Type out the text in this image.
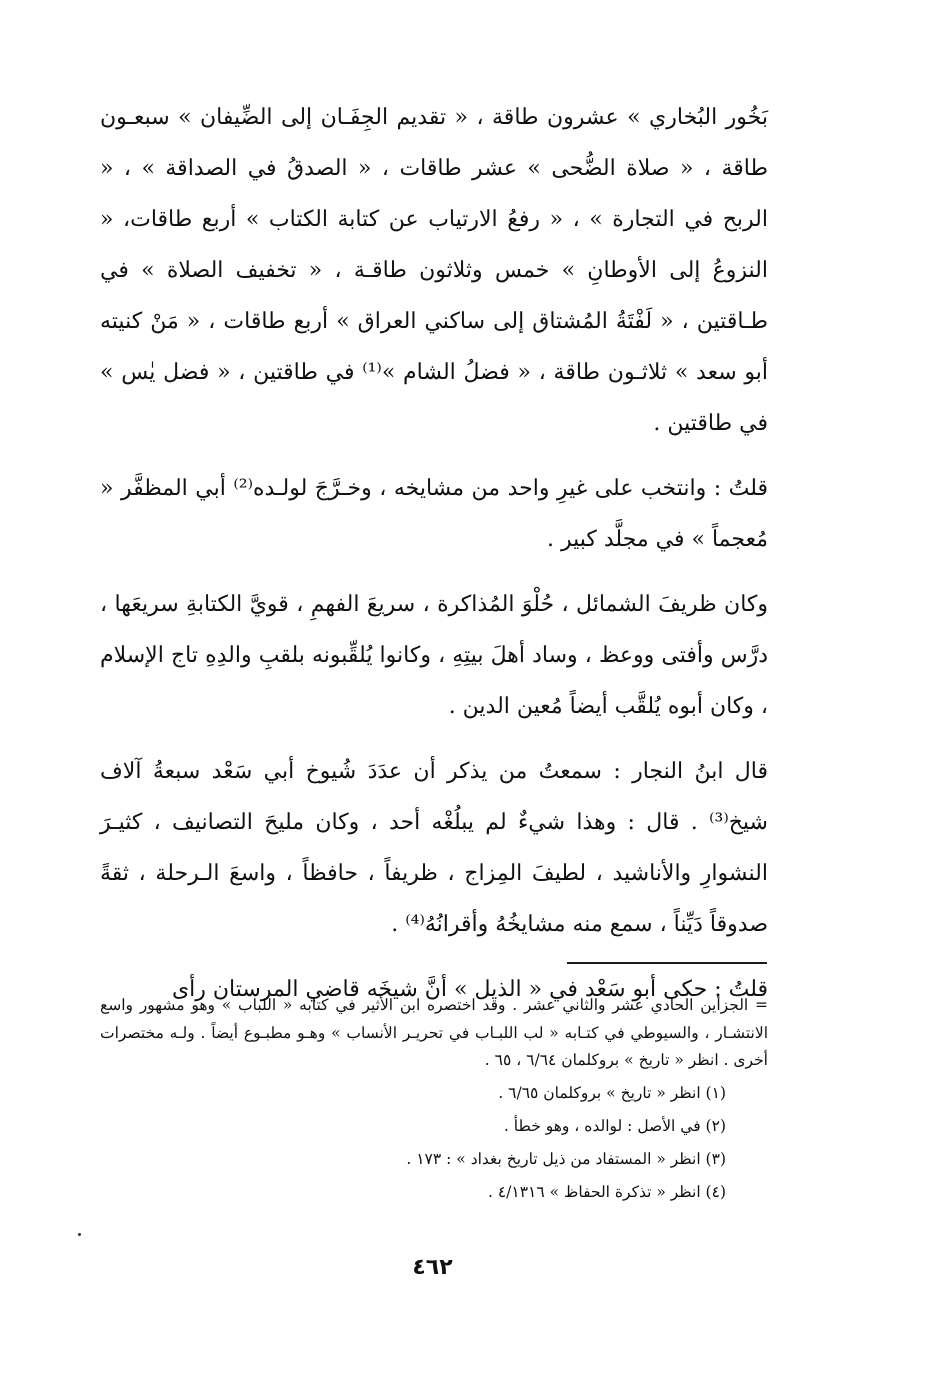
بَخُور البُخاري » عشرون طاقة ، « تقديم الجِفَـان إلى الضِّيفان » سبعـون طاقة ، « صلاة الضُّحى » عشر طاقات ، « الصدقُ في الصداقة » ، « الربح في التجارة » ، « رفعُ الارتياب عن كتابة الكتاب » أربع طاقات، « النزوعُ إلى الأوطانِ » خمس وثلاثون طاقـة ، « تخفيف الصلاة » في طـاقتين ، « لَفْتَةُ المُشتاق إلى ساكني العراق » أربع طاقات ، « مَنْ كنيته أبو سعد » ثلاثـون طاقة ، « فضلُ الشام »⁽¹⁾ في طاقتين ، « فضل يٰس » في طاقتين .

قلتُ : وانتخب على غيرِ واحد من مشايخه ، وخـرَّجَ لولـده⁽²⁾ أبي المظفَّر « مُعجماً » في مجلَّد كبير .

وكان ظريفَ الشمائل ، حُلْوَ المُذاكرة ، سريعَ الفهمِ ، قويَّ الكتابةِ سريعَها ، درَّس وأفتى ووعظ ، وساد أهلَ بيتِهِ ، وكانوا يُلقِّبونه بلقبِ والدِهِ تاج الإسلام ، وكان أبوه يُلقَّب أيضاً مُعين الدين .

قال ابنُ النجار : سمعتُ من يذكر أن عدَدَ شُيوخ أبي سَعْد سبعةُ آلاف شيخ⁽³⁾ . قال : وهذا شيءٌ لم يبلُغْه أحد ، وكان مليحَ التصانيف ، كثيـرَ النشوارِ والأناشيد ، لطيفَ المِزاج ، ظريفاً ، حافظاً ، واسعَ الـرحلة ، ثقةً صدوقاً دَيِّناً ، سمع منه مشايخُهُ وأقرانُهُ⁽⁴⁾ .

قلتُ : حكى أبو سَعْد في « الذيل » أنَّ شيخَه قاضي المرستان رأى

= الجزأين الحادي عشر والثاني عشر . وقد اختصره ابن الأثير في كتابه « اللباب » وهو مشهور واسع الانتشـار ، والسيوطي في كتـابه « لب اللبـاب في تحريـر الأنساب » وهـو مطبـوع أيضاً . ولـه مختصرات أخرى . انظر « تاريخ » بروكلمان ٦/٦٤ ، ٦٥ .

(١) انظر « تاريخ » بروكلمان ٦/٦٥ .

(٢) في الأصل : لوالده ، وهو خطأ .

(٣) انظر « المستفاد من ذيل تاريخ بغداد » : ١٧٣ .

(٤) انظر « تذكرة الحفاظ » ٤/١٣١٦ .

٤٦٢
